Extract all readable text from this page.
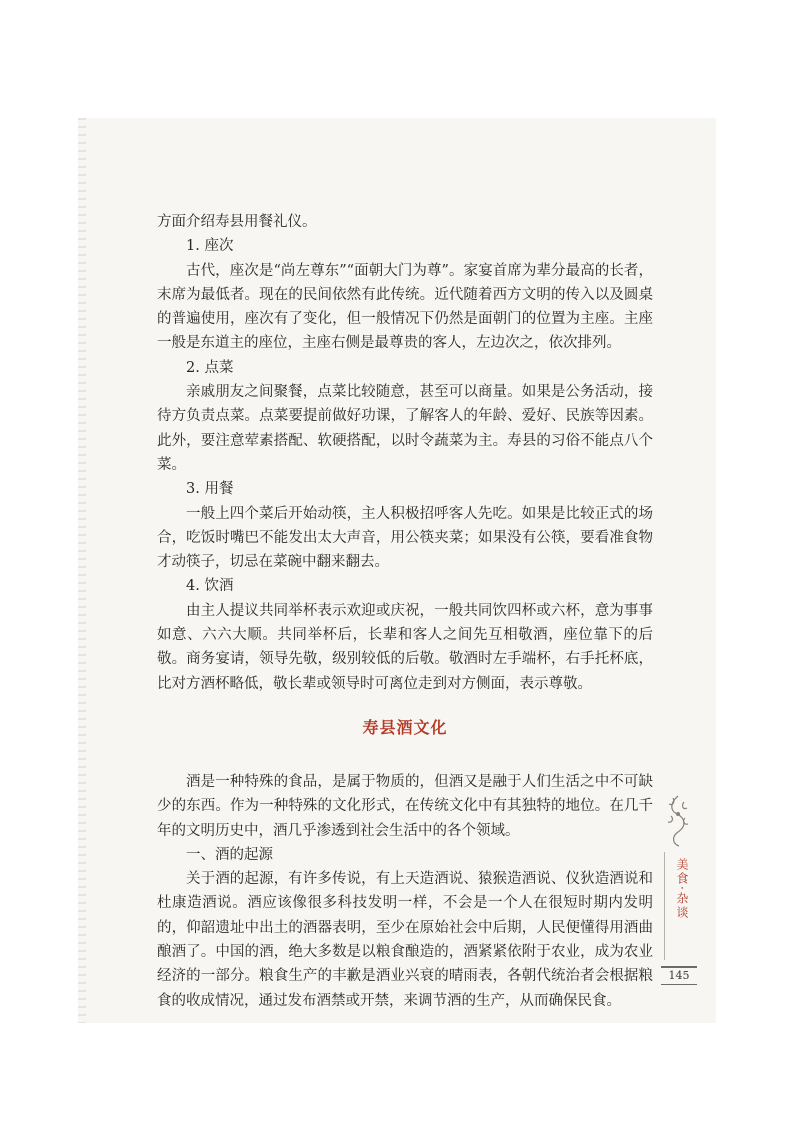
方面介绍寿县用餐礼仪。

1. 座次

古代，座次是“尚左尊东”“面朝大门为尊”。家宴首席为辈分最高的长者，末席为最低者。现在的民间依然有此传统。近代随着西方文明的传入以及圆桌的普遍使用，座次有了变化，但一般情况下仍然是面朝门的位置为主座。主座一般是东道主的座位，主座右侧是最尊贵的客人，左边次之，依次排列。

2. 点菜

亲戚朋友之间聚餐，点菜比较随意，甚至可以商量。如果是公务活动，接待方负责点菜。点菜要提前做好功课，了解客人的年龄、爱好、民族等因素。此外，要注意荤素搭配、软硬搭配，以时令蔬菜为主。寿县的习俗不能点八个菜。

3. 用餐

一般上四个菜后开始动筷，主人积极招呼客人先吃。如果是比较正式的场合，吃饭时嘴巴不能发出太大声音，用公筷夹菜；如果没有公筷，要看准食物才动筷子，切忌在菜碗中翻来翻去。

4. 饮酒

由主人提议共同举杯表示欢迎或庆祝，一般共同饮四杯或六杯，意为事事如意、六六大顺。共同举杯后，长辈和客人之间先互相敬酒，座位靠下的后敬。商务宴请，领导先敬，级别较低的后敬。敬酒时左手端杯，右手托杯底，比对方酒杯略低，敬长辈或领导时可离位走到对方侧面，表示尊敬。

寿县酒文化

酒是一种特殊的食品，是属于物质的，但酒又是融于人们生活之中不可缺少的东西。作为一种特殊的文化形式，在传统文化中有其独特的地位。在几千年的文明历史中，酒几乎渗透到社会生活中的各个领域。

一、酒的起源

关于酒的起源，有许多传说，有上天造酒说、猿猴造酒说、仪狄造酒说和杜康造酒说。酒应该像很多科技发明一样，不会是一个人在很短时期内发明的，仰韶遗址中出土的酒器表明，至少在原始社会中后期，人民便懂得用酒曲酿酒了。中国的酒，绝大多数是以粮食酿造的，酒紧紧依附于农业，成为农业经济的一部分。粮食生产的丰歉是酒业兴衰的晴雨表，各朝代统治者会根据粮食的收成情况，通过发布酒禁或开禁，来调节酒的生产，从而确保民食。

美食·杂谈
145
